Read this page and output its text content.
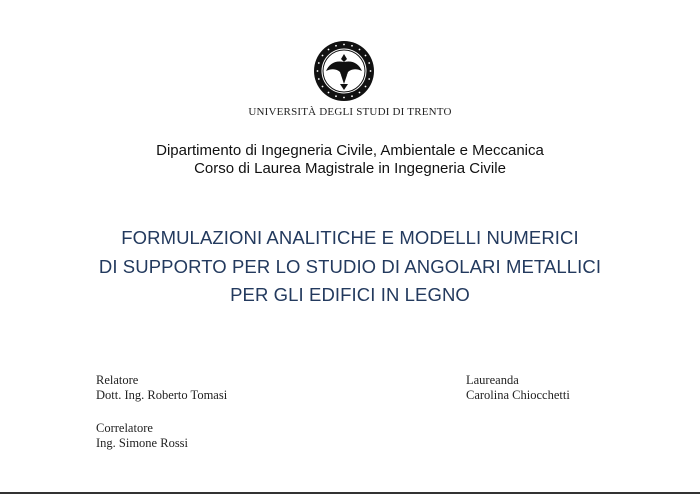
UNIVERSITÀ DEGLI STUDI DI TRENTO
Dipartimento di Ingegneria Civile, Ambientale e Meccanica
Corso di Laurea Magistrale in Ingegneria Civile
FORMULAZIONI ANALITICHE E MODELLI NUMERICI
DI SUPPORTO PER LO STUDIO DI ANGOLARI METALLICI
PER GLI EDIFICI IN LEGNO
Relatore
Dott. Ing. Roberto Tomasi
Correlatore
Ing. Simone Rossi
Laureanda
Carolina Chiocchetti
